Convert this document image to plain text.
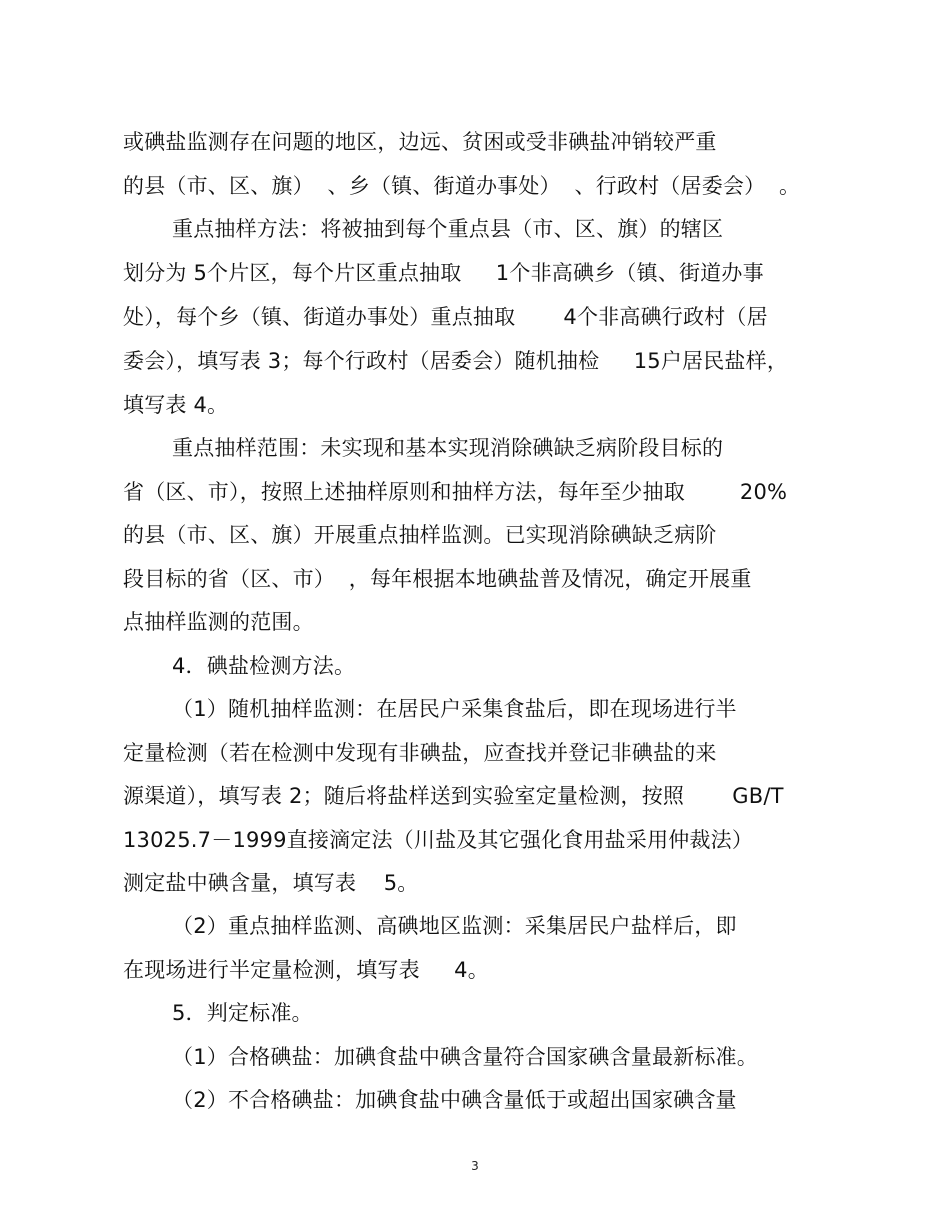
或碘盐监测存在问题的地区，边远、贫困或受非碘盐冲销较严重
的县（市、区、旗）  、乡（镇、街道办事处）  、行政村（居委会）  。
重点抽样方法：将被抽到每个重点县（市、区、旗）的辖区
划分为 5个片区，每个片区重点抽取     1个非高碘乡（镇、街道办事
处），每个乡（镇、街道办事处）重点抽取       4个非高碘行政村（居
委会），填写表 3；每个行政村（居委会）随机抽检     15户居民盐样，
填写表 4。
重点抽样范围：未实现和基本实现消除碘缺乏病阶段目标的
省（区、市），按照上述抽样原则和抽样方法，每年至少抽取        20%
的县（市、区、旗）开展重点抽样监测。已实现消除碘缺乏病阶
段目标的省（区、市）  ，每年根据本地碘盐普及情况，确定开展重
点抽样监测的范围。
4．碘盐检测方法。
（1）随机抽样监测：在居民户采集食盐后，即在现场进行半
定量检测（若在检测中发现有非碘盐，应查找并登记非碘盐的来
源渠道），填写表 2；随后将盐样送到实验室定量检测，按照       GB/T
13025.7－1999直接滴定法（川盐及其它强化食用盐采用仲裁法）
测定盐中碘含量，填写表    5。
（2）重点抽样监测、高碘地区监测：采集居民户盐样后，即
在现场进行半定量检测，填写表     4。
5．判定标准。
（1）合格碘盐：加碘食盐中碘含量符合国家碘含量最新标准。
（2）不合格碘盐：加碘食盐中碘含量低于或超出国家碘含量
3
